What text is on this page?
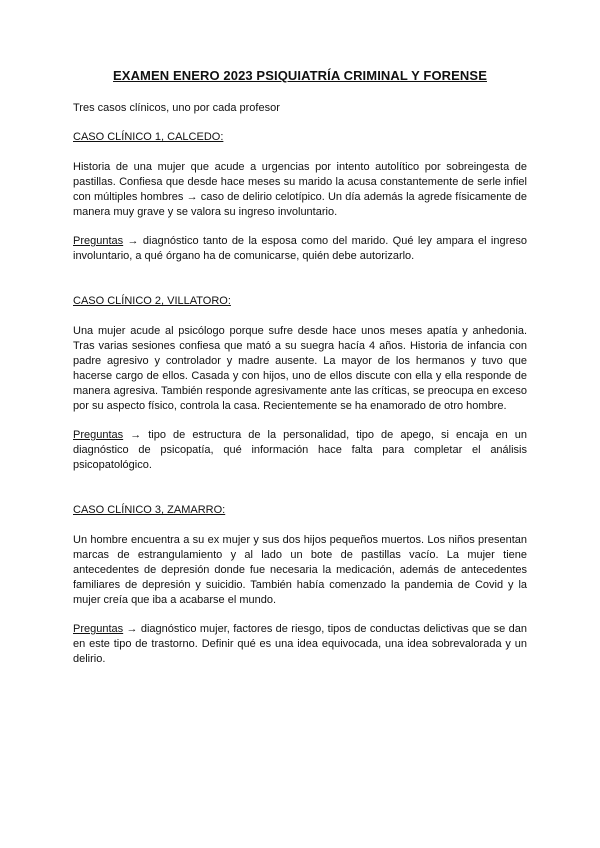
EXAMEN ENERO 2023 PSIQUIATRÍA CRIMINAL Y FORENSE
Tres casos clínicos, uno por cada profesor
CASO CLÍNICO 1, CALCEDO:
Historia de una mujer que acude a urgencias por intento autolítico por sobreingesta de pastillas. Confiesa que desde hace meses su marido la acusa constantemente de serle infiel con múltiples hombres → caso de delirio celotípico. Un día además la agrede físicamente de manera muy grave y se valora su ingreso involuntario.
Preguntas → diagnóstico tanto de la esposa como del marido. Qué ley ampara el ingreso involuntario, a qué órgano ha de comunicarse, quién debe autorizarlo.
CASO CLÍNICO 2, VILLATORO:
Una mujer acude al psicólogo porque sufre desde hace unos meses apatía y anhedonia. Tras varias sesiones confiesa que mató a su suegra hacía 4 años. Historia de infancia con padre agresivo y controlador y madre ausente. La mayor de los hermanos y tuvo que hacerse cargo de ellos. Casada y con hijos, uno de ellos discute con ella y ella responde de manera agresiva. También responde agresivamente ante las críticas, se preocupa en exceso por su aspecto físico, controla la casa. Recientemente se ha enamorado de otro hombre.
Preguntas → tipo de estructura de la personalidad, tipo de apego, si encaja en un diagnóstico de psicopatía, qué información hace falta para completar el análisis psicopatológico.
CASO CLÍNICO 3, ZAMARRO:
Un hombre encuentra a su ex mujer y sus dos hijos pequeños muertos. Los niños presentan marcas de estrangulamiento y al lado un bote de pastillas vacío. La mujer tiene antecedentes de depresión donde fue necesaria la medicación, además de antecedentes familiares de depresión y suicidio. También había comenzado la pandemia de Covid y la mujer creía que iba a acabarse el mundo.
Preguntas → diagnóstico mujer, factores de riesgo, tipos de conductas delictivas que se dan en este tipo de trastorno. Definir qué es una idea equivocada, una idea sobrevalorada y un delirio.
